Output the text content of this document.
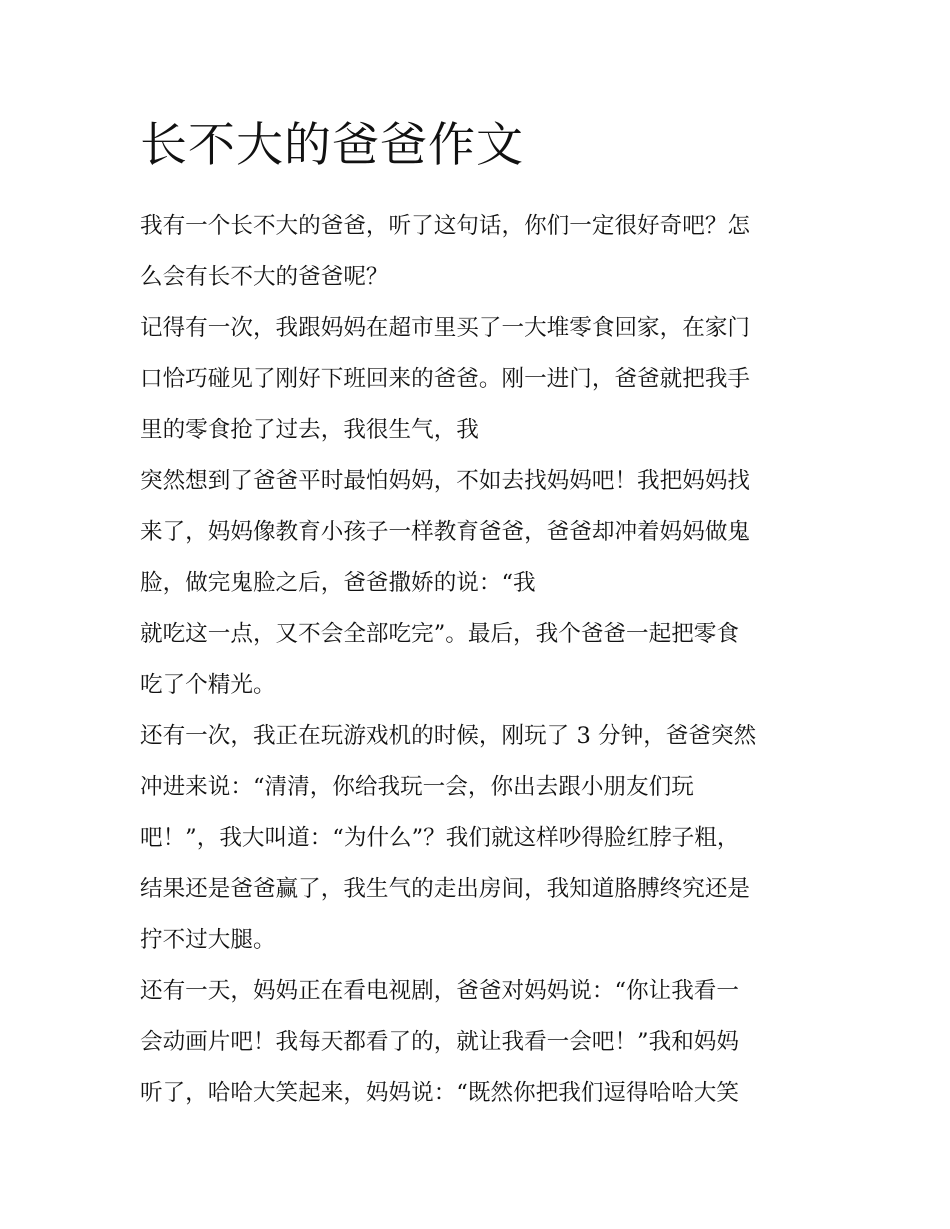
长不大的爸爸作文
我有一个长不大的爸爸，听了这句话，你们一定很好奇吧？怎
么会有长不大的爸爸呢？
记得有一次，我跟妈妈在超市里买了一大堆零食回家，在家门
口恰巧碰见了刚好下班回来的爸爸。刚一进门，爸爸就把我手
里的零食抢了过去，我很生气，我
突然想到了爸爸平时最怕妈妈，不如去找妈妈吧！我把妈妈找
来了，妈妈像教育小孩子一样教育爸爸，爸爸却冲着妈妈做鬼
脸，做完鬼脸之后，爸爸撒娇的说：“我
就吃这一点，又不会全部吃完”。最后，我个爸爸一起把零食
吃了个精光。
还有一次，我正在玩游戏机的时候，刚玩了 3 分钟，爸爸突然
冲进来说：“清清，你给我玩一会，你出去跟小朋友们玩
吧！”，我大叫道：“为什么”？我们就这样吵得脸红脖子粗，
结果还是爸爸赢了，我生气的走出房间，我知道胳膊终究还是
拧不过大腿。
还有一天，妈妈正在看电视剧，爸爸对妈妈说：“你让我看一
会动画片吧！我每天都看了的，就让我看一会吧！”我和妈妈
听了，哈哈大笑起来，妈妈说：“既然你把我们逗得哈哈大笑
